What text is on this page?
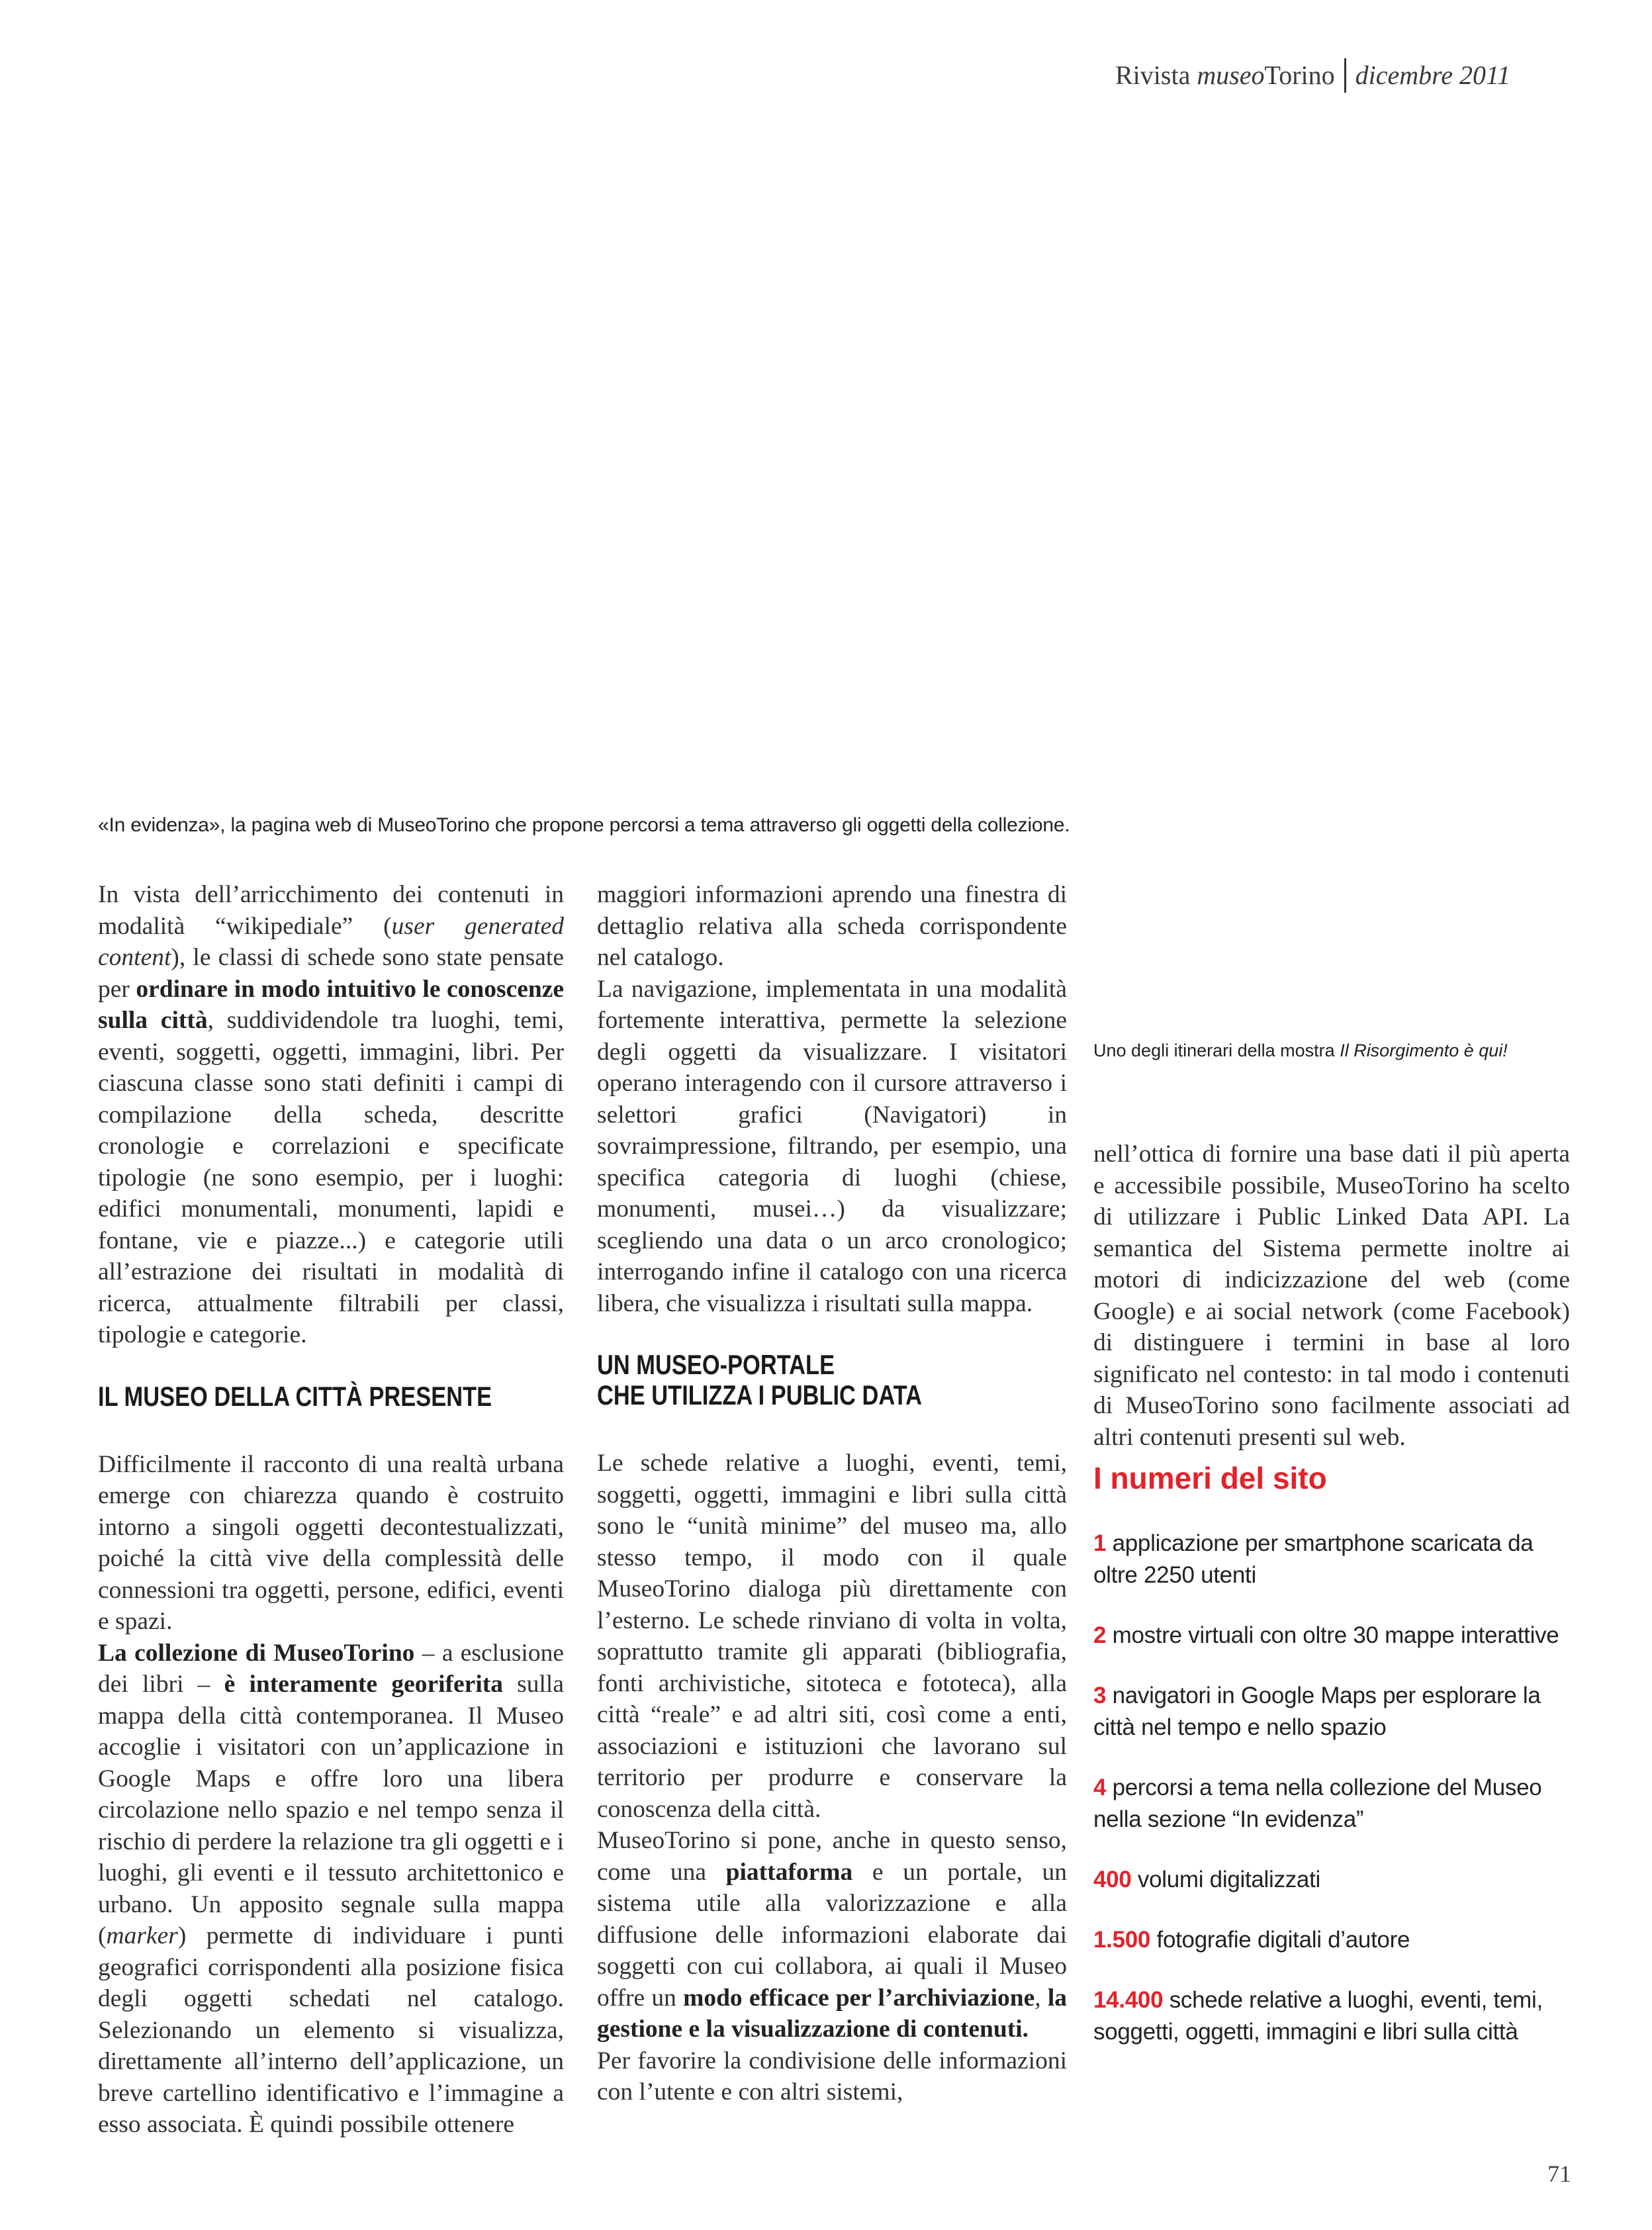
Rivista museoTorino dicembre 2011
«In evidenza», la pagina web di MuseoTorino che propone percorsi a tema attraverso gli oggetti della collezione.

In vista dell’arricchimento dei contenuti in modalità “wikipediale” (user generated content), le classi di schede sono state pensate per ordinare in modo intuitivo le conoscenze sulla città, suddividendole tra luoghi, temi, eventi, soggetti, oggetti, immagini, libri. Per ciascuna classe sono stati definiti i campi di compilazione della scheda, descritte cronologie e correlazioni e specificate tipologie (ne sono esempio, per i luoghi: edifici monumentali, monumenti, lapidi e fontane, vie e piazze...) e categorie utili all’estrazione dei risultati in modalità di ricerca, attualmente filtrabili per classi, tipologie e categorie.

IL MUSEO DELLA CITTÀ PRESENTE

Difficilmente il racconto di una realtà urbana emerge con chiarezza quando è costruito intorno a singoli oggetti decontestualizzati, poiché la città vive della complessità delle connessioni tra oggetti, persone, edifici, eventi e spazi.

La collezione di MuseoTorino – a esclusione dei libri – è interamente georiferita sulla mappa della città contemporanea. Il Museo accoglie i visitatori con un’applicazione in Google Maps e offre loro una libera circolazione nello spazio e nel tempo senza il rischio di perdere la relazione tra gli oggetti e i luoghi, gli eventi e il tessuto architettonico e urbano. Un apposito segnale sulla mappa (marker) permette di individuare i punti geografici corrispondenti alla posizione fisica degli oggetti schedati nel catalogo. Selezionando un elemento si visualizza, direttamente all’interno dell’applicazione, un breve cartellino identificativo e l’immagine a esso associata. È quindi possibile ottenere

maggiori informazioni aprendo una finestra di dettaglio relativa alla scheda corrispondente nel catalogo.

La navigazione, implementata in una modalità fortemente interattiva, permette la selezione degli oggetti da visualizzare. I visitatori operano interagendo con il cursore attraverso i selettori grafici (Navigatori) in sovraimpressione, filtrando, per esempio, una specifica categoria di luoghi (chiese, monumenti, musei…) da visualizzare; scegliendo una data o un arco cronologico; interrogando infine il catalogo con una ricerca libera, che visualizza i risultati sulla mappa.

UN MUSEO-PORTALE
CHE UTILIZZA I PUBLIC DATA

Le schede relative a luoghi, eventi, temi, soggetti, oggetti, immagini e libri sulla città sono le “unità minime” del museo ma, allo stesso tempo, il modo con il quale MuseoTorino dialoga più direttamente con l’esterno. Le schede rinviano di volta in volta, soprattutto tramite gli apparati (bibliografia, fonti archivistiche, sitoteca e fototeca), alla città “reale” e ad altri siti, così come a enti, associazioni e istituzioni che lavorano sul territorio per produrre e conservare la conoscenza della città.

MuseoTorino si pone, anche in questo senso, come una piattaforma e un portale, un sistema utile alla valorizzazione e alla diffusione delle informazioni elaborate dai soggetti con cui collabora, ai quali il Museo offre un modo efficace per l’archiviazione, la gestione e la visualizzazione di contenuti.

Per favorire la condivisione delle informazioni con l’utente e con altri sistemi,

Uno degli itinerari della mostra Il Risorgimento è qui!

nell’ottica di fornire una base dati il più aperta e accessibile possibile, MuseoTorino ha scelto di utilizzare i Public Linked Data API. La semantica del Sistema permette inoltre ai motori di indicizzazione del web (come Google) e ai social network (come Facebook) di distinguere i termini in base al loro significato nel contesto: in tal modo i contenuti di MuseoTorino sono facilmente associati ad altri contenuti presenti sul web.

I numeri del sito
1 applicazione per smartphone scaricata da oltre 2250 utenti
2 mostre virtuali con oltre 30 mappe interattive
3 navigatori in Google Maps per esplorare la città nel tempo e nello spazio
4 percorsi a tema nella collezione del Museo nella sezione “In evidenza”
400 volumi digitalizzati
1.500 fotografie digitali d’autore
14.400 schede relative a luoghi, eventi, temi, soggetti, oggetti, immagini e libri sulla città
71
